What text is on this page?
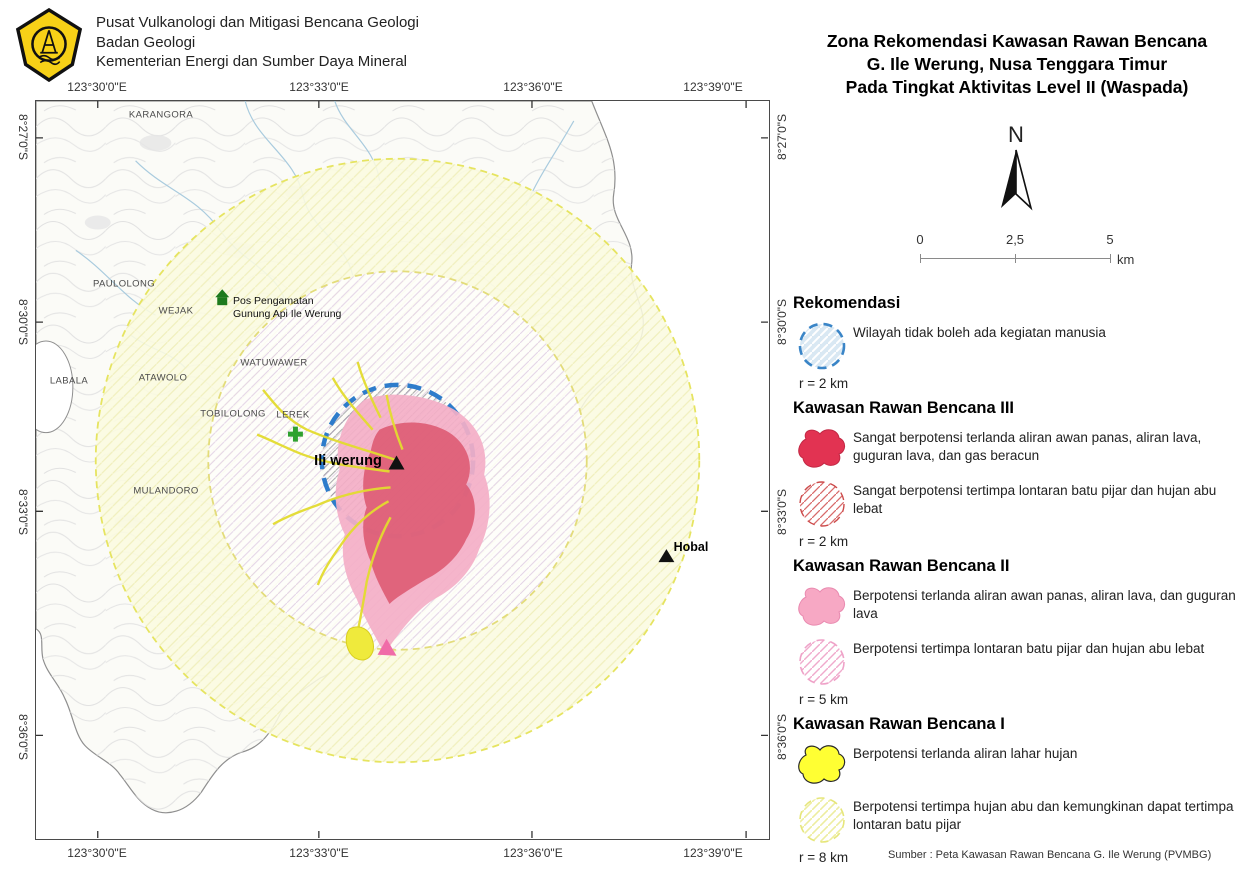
Pusat Vulkanologi dan Mitigasi Bencana Geologi
Badan Geologi
Kementerian Energi dan Sumber Daya Mineral
123°30'0"E	123°33'0"E	123°36'0"E	123°39'0"E
123°30'0"E	123°33'0"E	123°36'0"E	123°39'0"E
8°27'0"S
8°30'0"S
8°33'0"S
8°36'0"S
8°27'0"S
8°30'0"S
8°33'0"S
8°36'0"S
KARANGORA
PAULOLONG
WEJAK
LABALA	ATAWOLO
TOBILOLONG LEREK
WATUWAWER
MULANDORO
Ili werung
Hobal
Pos Pengamatan Gunung Api Ile Werung
Zona Rekomendasi Kawasan Rawan Bencana
G. Ile Werung, Nusa Tenggara Timur
Pada Tingkat Aktivitas Level II (Waspada)
N
0	2,5	5
km
Rekomendasi
Wilayah tidak boleh ada kegiatan manusia
r = 2 km
Kawasan Rawan Bencana III
Sangat berpotensi terlanda aliran awan panas, aliran lava, guguran lava, dan gas beracun
Sangat berpotensi tertimpa lontaran batu pijar dan hujan abu lebat
r = 2 km
Kawasan Rawan Bencana II
Berpotensi terlanda aliran awan panas, aliran lava, dan guguran lava
Berpotensi tertimpa lontaran batu pijar dan hujan abu lebat
r = 5 km
Kawasan Rawan Bencana I
Berpotensi terlanda aliran lahar hujan
Berpotensi tertimpa hujan abu dan kemungkinan dapat tertimpa lontaran batu pijar
r = 8 km	Sumber : Peta Kawasan Rawan Bencana G. Ile Werung (PVMBG)
